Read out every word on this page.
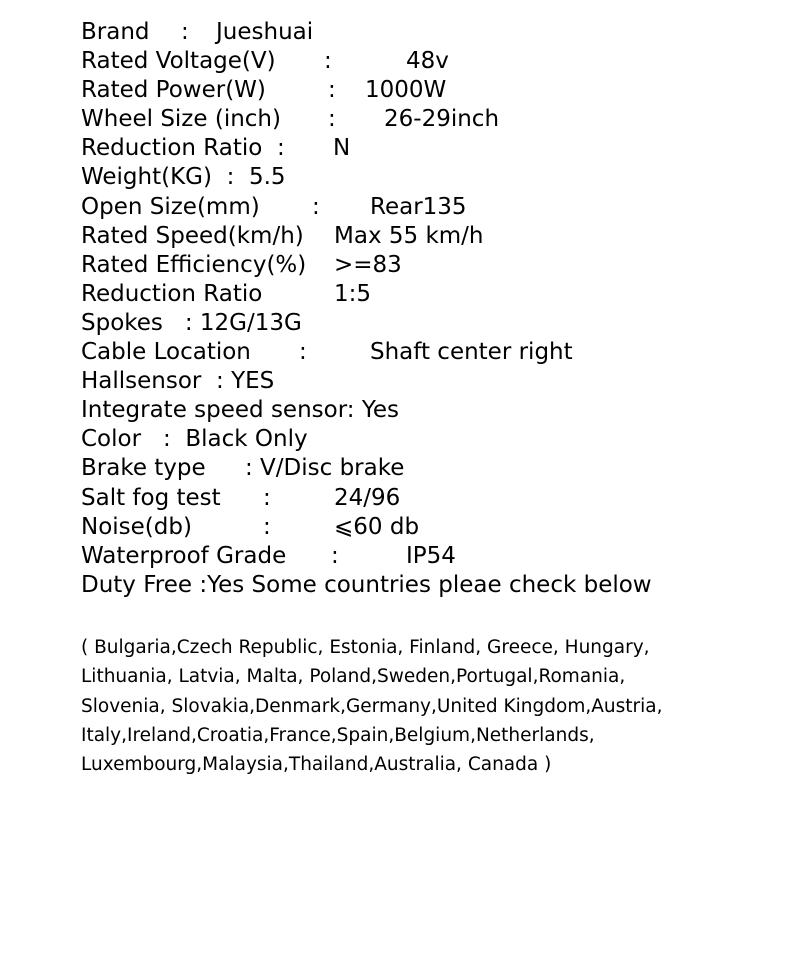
Brand : Jueshuai
Rated Voltage(V) :	48v
Rated Power(W)	: 1000W
Wheel Size (inch) : 26-29inch
Reduction Ratio  : N
Weight(KG)  :  5.5
Open Size(mm) : Rear135
Rated Speed(km/h) Max 55 km/h
Rated Efficiency(%) >=83
Reduction Ratio	1:5
Spokes   : 12G/13G
Cable Location :	Shaft center right
Hallsensor  : YES
Integrate speed sensor: Yes
Color   :  Black Only
Brake type : V/Disc brake
Salt fog test :	24/96
Noise(db)	:	⩽60 db
Waterproof Grade :	IP54
Duty Free :Yes Some countries pleae check below
( Bulgaria,Czech Republic, Estonia, Finland, Greece, Hungary,
Lithuania, Latvia, Malta, Poland,Sweden,Portugal,Romania,
Slovenia, Slovakia,Denmark,Germany,United Kingdom,Austria,
Italy,Ireland,Croatia,France,Spain,Belgium,Netherlands,
Luxembourg,Malaysia,Thailand,Australia, Canada )
